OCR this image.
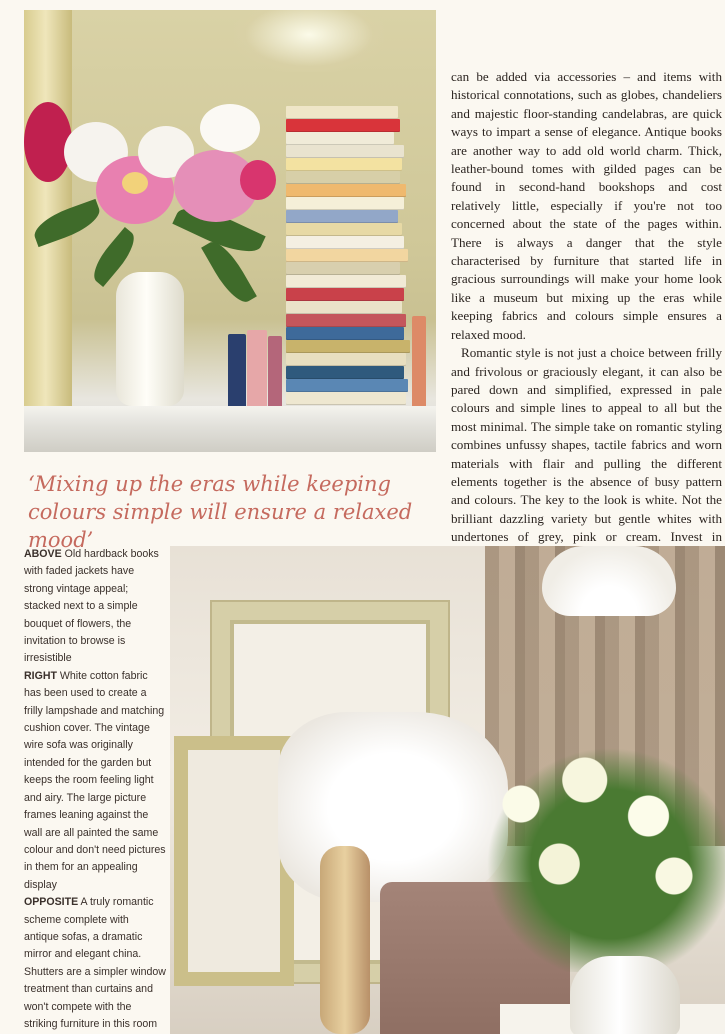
can be added via accessories – and items with historical connotations, such as globes, chandeliers and majestic floor-standing candelabras, are quick ways to impart a sense of elegance. Antique books are another way to add old world charm. Thick, leather-bound tomes with gilded pages can be found in second-hand bookshops and cost relatively little, especially if you're not too concerned about the state of the pages within. There is always a danger that the style characterised by furniture that started life in gracious surroundings will make your home look like a museum but mixing up the eras while keeping fabrics and colours simple ensures a relaxed mood.

Romantic style is not just a choice between frilly and frivolous or graciously elegant, it can also be pared down and simplified, expressed in pale colours and simple lines to appeal to all but the most minimal. The simple take on romantic styling combines unfussy shapes, tactile fabrics and worn materials with flair and pulling the different elements together is the absence of busy pattern and colours. The key to the look is white. Not the brilliant dazzling variety but gentle whites with undertones of grey, pink or cream. Invest in

‘Mixing up the eras while keeping colours simple will ensure a relaxed mood’

ABOVE Old hardback books with faded jackets have strong vintage appeal; stacked next to a simple bouquet of flowers, the invitation to browse is irresistible

RIGHT White cotton fabric has been used to create a frilly lampshade and matching cushion cover. The vintage wire sofa was originally intended for the garden but keeps the room feeling light and airy. The large picture frames leaning against the wall are all painted the same colour and don't need pictures in them for an appealing display

OPPOSITE A truly romantic scheme complete with antique sofas, a dramatic mirror and elegant china. Shutters are a simpler window treatment than curtains and won't compete with the striking furniture in this room
